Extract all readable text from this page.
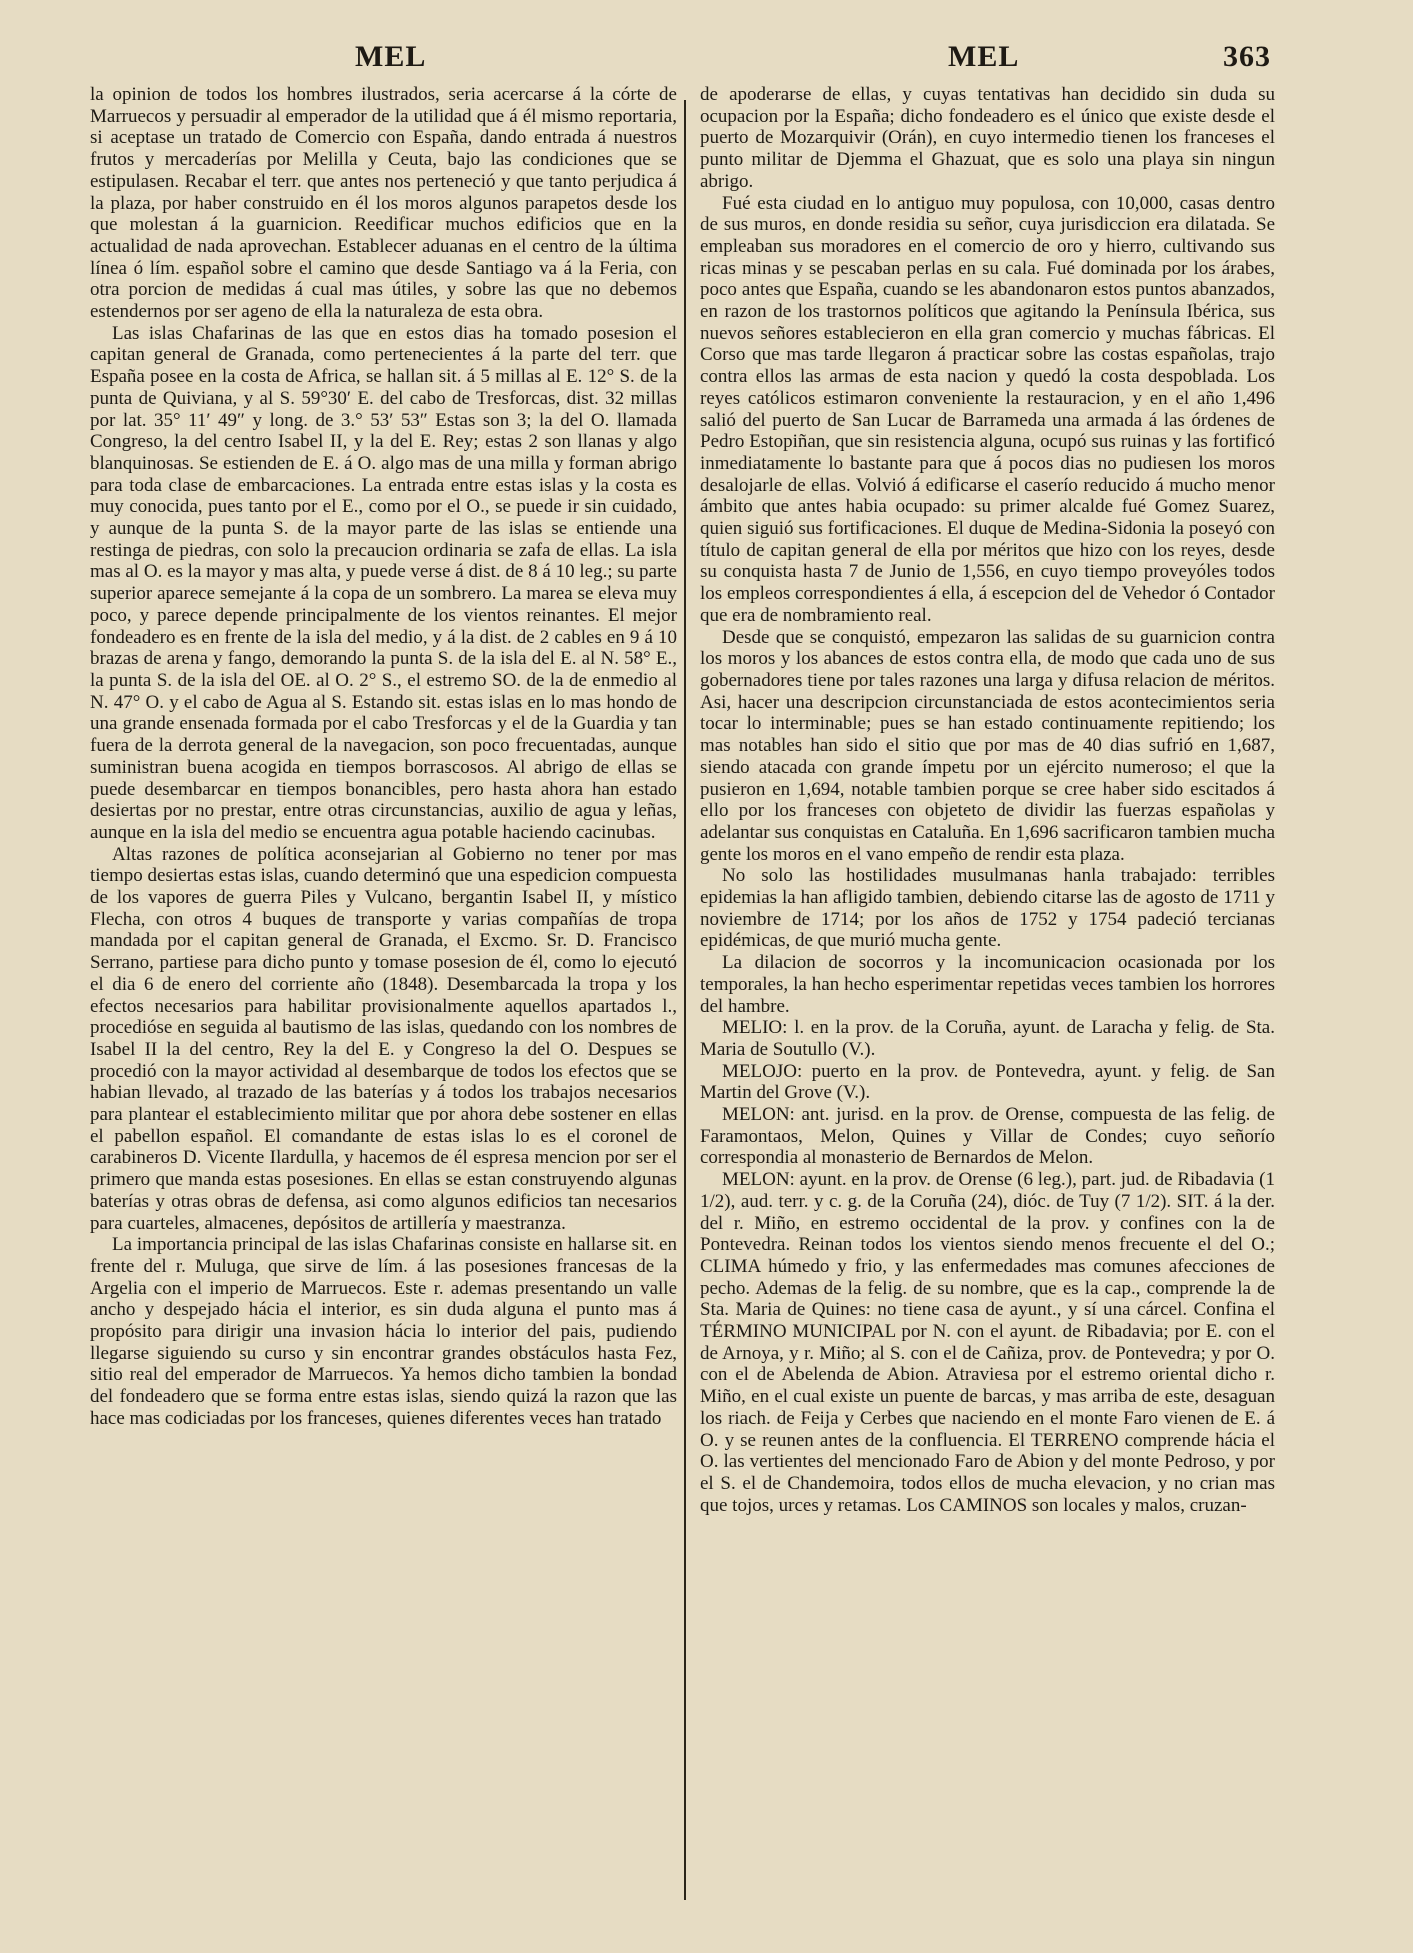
MEL	MEL	363

la opinion de todos los hombres ilustrados, seria acercarse á la córte de Marruecos y persuadir al emperador de la utilidad que á él mismo reportaria, si aceptase un tratado de Comercio con España, dando entrada á nuestros frutos y mercaderías por Melilla y Ceuta, bajo las condiciones que se estipulasen. Recabar el terr. que antes nos perteneció y que tanto perjudica á la plaza, por haber construido en él los moros algunos parapetos desde los que molestan á la guarnicion. Reedificar muchos edificios que en la actualidad de nada aprovechan. Establecer aduanas en el centro de la última línea ó lím. español sobre el camino que desde Santiago va á la Feria, con otra porcion de medidas á cual mas útiles, y sobre las que no debemos estendernos por ser ageno de ella la naturaleza de esta obra.

Las islas Chafarinas de las que en estos dias ha tomado posesion el capitan general de Granada, como pertenecientes á la parte del terr. que España posee en la costa de Africa, se hallan sit. á 5 millas al E. 12° S. de la punta de Quiviana, y al S. 59°30′ E. del cabo de Tresforcas, dist. 32 millas por lat. 35° 11′ 49″ y long. de 3.° 53′ 53″ Estas son 3; la del O. llamada Congreso, la del centro Isabel II, y la del E. Rey; estas 2 son llanas y algo blanquinosas. Se estienden de E. á O. algo mas de una milla y forman abrigo para toda clase de embarcaciones. La entrada entre estas islas y la costa es muy conocida, pues tanto por el E., como por el O., se puede ir sin cuidado, y aunque de la punta S. de la mayor parte de las islas se entiende una restinga de piedras, con solo la precaucion ordinaria se zafa de ellas. La isla mas al O. es la mayor y mas alta, y puede verse á dist. de 8 á 10 leg.; su parte superior aparece semejante á la copa de un sombrero. La marea se eleva muy poco, y parece depende principalmente de los vientos reinantes. El mejor fondeadero es en frente de la isla del medio, y á la dist. de 2 cables en 9 á 10 brazas de arena y fango, demorando la punta S. de la isla del E. al N. 58° E., la punta S. de la isla del OE. al O. 2° S., el estremo SO. de la de enmedio al N. 47° O. y el cabo de Agua al S. Estando sit. estas islas en lo mas hondo de una grande ensenada formada por el cabo Tresforcas y el de la Guardia y tan fuera de la derrota general de la navegacion, son poco frecuentadas, aunque suministran buena acogida en tiempos borrascosos. Al abrigo de ellas se puede desembarcar en tiempos bonancibles, pero hasta ahora han estado desiertas por no prestar, entre otras circunstancias, auxilio de agua y leñas, aunque en la isla del medio se encuentra agua potable haciendo cacinubas.

Altas razones de política aconsejarian al Gobierno no tener por mas tiempo desiertas estas islas, cuando determinó que una espedicion compuesta de los vapores de guerra Piles y Vulcano, bergantin Isabel II, y místico Flecha, con otros 4 buques de transporte y varias compañías de tropa mandada por el capitan general de Granada, el Excmo. Sr. D. Francisco Serrano, partiese para dicho punto y tomase posesion de él, como lo ejecutó el dia 6 de enero del corriente año (1848). Desembarcada la tropa y los efectos necesarios para habilitar provisionalmente aquellos apartados l., procedióse en seguida al bautismo de las islas, quedando con los nombres de Isabel II la del centro, Rey la del E. y Congreso la del O. Despues se procedió con la mayor actividad al desembarque de todos los efectos que se habian llevado, al trazado de las baterías y á todos los trabajos necesarios para plantear el establecimiento militar que por ahora debe sostener en ellas el pabellon español. El comandante de estas islas lo es el coronel de carabineros D. Vicente Ilardulla, y hacemos de él espresa mencion por ser el primero que manda estas posesiones. En ellas se estan construyendo algunas baterías y otras obras de defensa, asi como algunos edificios tan necesarios para cuarteles, almacenes, depósitos de artillería y maestranza.

La importancia principal de las islas Chafarinas consiste en hallarse sit. en frente del r. Muluga, que sirve de lím. á las posesiones francesas de la Argelia con el imperio de Marruecos. Este r. ademas presentando un valle ancho y despejado hácia el interior, es sin duda alguna el punto mas á propósito para dirigir una invasion hácia lo interior del pais, pudiendo llegarse siguiendo su curso y sin encontrar grandes obstáculos hasta Fez, sitio real del emperador de Marruecos. Ya hemos dicho tambien la bondad del fondeadero que se forma entre estas islas, siendo quizá la razon que las hace mas codiciadas por los franceses, quienes diferentes veces han tratado

de apoderarse de ellas, y cuyas tentativas han decidido sin duda su ocupacion por la España; dicho fondeadero es el único que existe desde el puerto de Mozarquivir (Orán), en cuyo intermedio tienen los franceses el punto militar de Djemma el Ghazuat, que es solo una playa sin ningun abrigo.

Fué esta ciudad en lo antiguo muy populosa, con 10,000, casas dentro de sus muros, en donde residia su señor, cuya jurisdiccion era dilatada. Se empleaban sus moradores en el comercio de oro y hierro, cultivando sus ricas minas y se pescaban perlas en su cala. Fué dominada por los árabes, poco antes que España, cuando se les abandonaron estos puntos abanzados, en razon de los trastornos políticos que agitando la Península Ibérica, sus nuevos señores establecieron en ella gran comercio y muchas fábricas. El Corso que mas tarde llegaron á practicar sobre las costas españolas, trajo contra ellos las armas de esta nacion y quedó la costa despoblada. Los reyes católicos estimaron conveniente la restauracion, y en el año 1,496 salió del puerto de San Lucar de Barrameda una armada á las órdenes de Pedro Estopiñan, que sin resistencia alguna, ocupó sus ruinas y las fortificó inmediatamente lo bastante para que á pocos dias no pudiesen los moros desalojarle de ellas. Volvió á edificarse el caserío reducido á mucho menor ámbito que antes habia ocupado: su primer alcalde fué Gomez Suarez, quien siguió sus fortificaciones. El duque de Medina-Sidonia la poseyó con título de capitan general de ella por méritos que hizo con los reyes, desde su conquista hasta 7 de Junio de 1,556, en cuyo tiempo proveyóles todos los empleos correspondientes á ella, á escepcion del de Vehedor ó Contador que era de nombramiento real.

Desde que se conquistó, empezaron las salidas de su guarnicion contra los moros y los abances de estos contra ella, de modo que cada uno de sus gobernadores tiene por tales razones una larga y difusa relacion de méritos. Asi, hacer una descripcion circunstanciada de estos acontecimientos seria tocar lo interminable; pues se han estado continuamente repitiendo; los mas notables han sido el sitio que por mas de 40 dias sufrió en 1,687, siendo atacada con grande ímpetu por un ejército numeroso; el que la pusieron en 1,694, notable tambien porque se cree haber sido escitados á ello por los franceses con objeteto de dividir las fuerzas españolas y adelantar sus conquistas en Cataluña. En 1,696 sacrificaron tambien mucha gente los moros en el vano empeño de rendir esta plaza.

No solo las hostilidades musulmanas hanla trabajado: terribles epidemias la han afligido tambien, debiendo citarse las de agosto de 1711 y noviembre de 1714; por los años de 1752 y 1754 padeció tercianas epidémicas, de que murió mucha gente.

La dilacion de socorros y la incomunicacion ocasionada por los temporales, la han hecho esperimentar repetidas veces tambien los horrores del hambre.

MELIO: l. en la prov. de la Coruña, ayunt. de Laracha y felig. de Sta. Maria de Soutullo (V.).

MELOJO: puerto en la prov. de Pontevedra, ayunt. y felig. de San Martin del Grove (V.).

MELON: ant. jurisd. en la prov. de Orense, compuesta de las felig. de Faramontaos, Melon, Quines y Villar de Condes; cuyo señorío correspondia al monasterio de Bernardos de Melon.

MELON: ayunt. en la prov. de Orense (6 leg.), part. jud. de Ribadavia (1 1/2), aud. terr. y c. g. de la Coruña (24), dióc. de Tuy (7 1/2). SIT. á la der. del r. Miño, en estremo occidental de la prov. y confines con la de Pontevedra. Reinan todos los vientos siendo menos frecuente el del O.; CLIMA húmedo y frio, y las enfermedades mas comunes afecciones de pecho. Ademas de la felig. de su nombre, que es la cap., comprende la de Sta. Maria de Quines: no tiene casa de ayunt., y sí una cárcel. Confina el TÉRMINO MUNICIPAL por N. con el ayunt. de Ribadavia; por E. con el de Arnoya, y r. Miño; al S. con el de Cañiza, prov. de Pontevedra; y por O. con el de Abelenda de Abion. Atraviesa por el estremo oriental dicho r. Miño, en el cual existe un puente de barcas, y mas arriba de este, desaguan los riach. de Feija y Cerbes que naciendo en el monte Faro vienen de E. á O. y se reunen antes de la confluencia. El TERRENO comprende hácia el O. las vertientes del mencionado Faro de Abion y del monte Pedroso, y por el S. el de Chandemoira, todos ellos de mucha elevacion, y no crian mas que tojos, urces y retamas. Los CAMINOS son locales y malos, cruzan-
